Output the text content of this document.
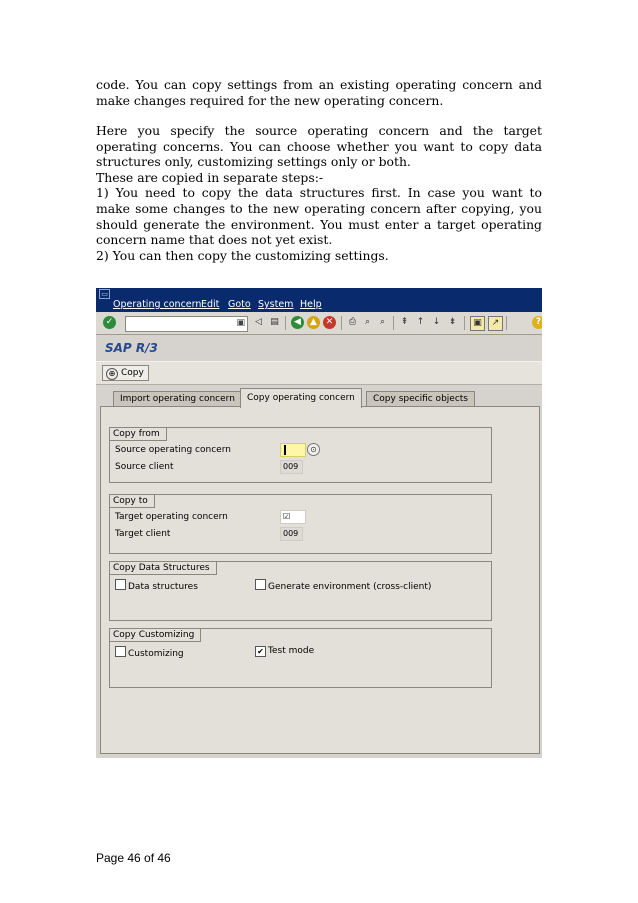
code. You can copy settings from an existing operating concern and
make changes required for the new operating concern.
Here you specify the source operating concern and the target
operating concerns. You can choose whether you want to copy data
structures only, customizing settings only or both.
These are copied in separate steps:-
1) You need to copy the data structures first. In case you want to
make some changes to the new operating concern after copying, you
should generate the environment. You must enter a target operating
concern name that does not yet exist.
2) You can then copy the customizing settings.
▭
Operating concern Edit Goto System Help
✓	▣	◁ ▤	◀	▲ ✕	⎙ ⌕	⌕	⇞ ↑ ↓ ⇟	▣	↗	?
SAP R/3
⊕ Copy
Import operating concern	Copy operating concern	Copy specific objects
Copy from
Source operating concern	⊙
Source client	009
Copy to
Target operating concern	☑
Target client	009
Copy Data Structures
Data structures	Generate environment (cross-client)
Copy Customizing
Customizing	✔ Test mode
Page 46 of 46
